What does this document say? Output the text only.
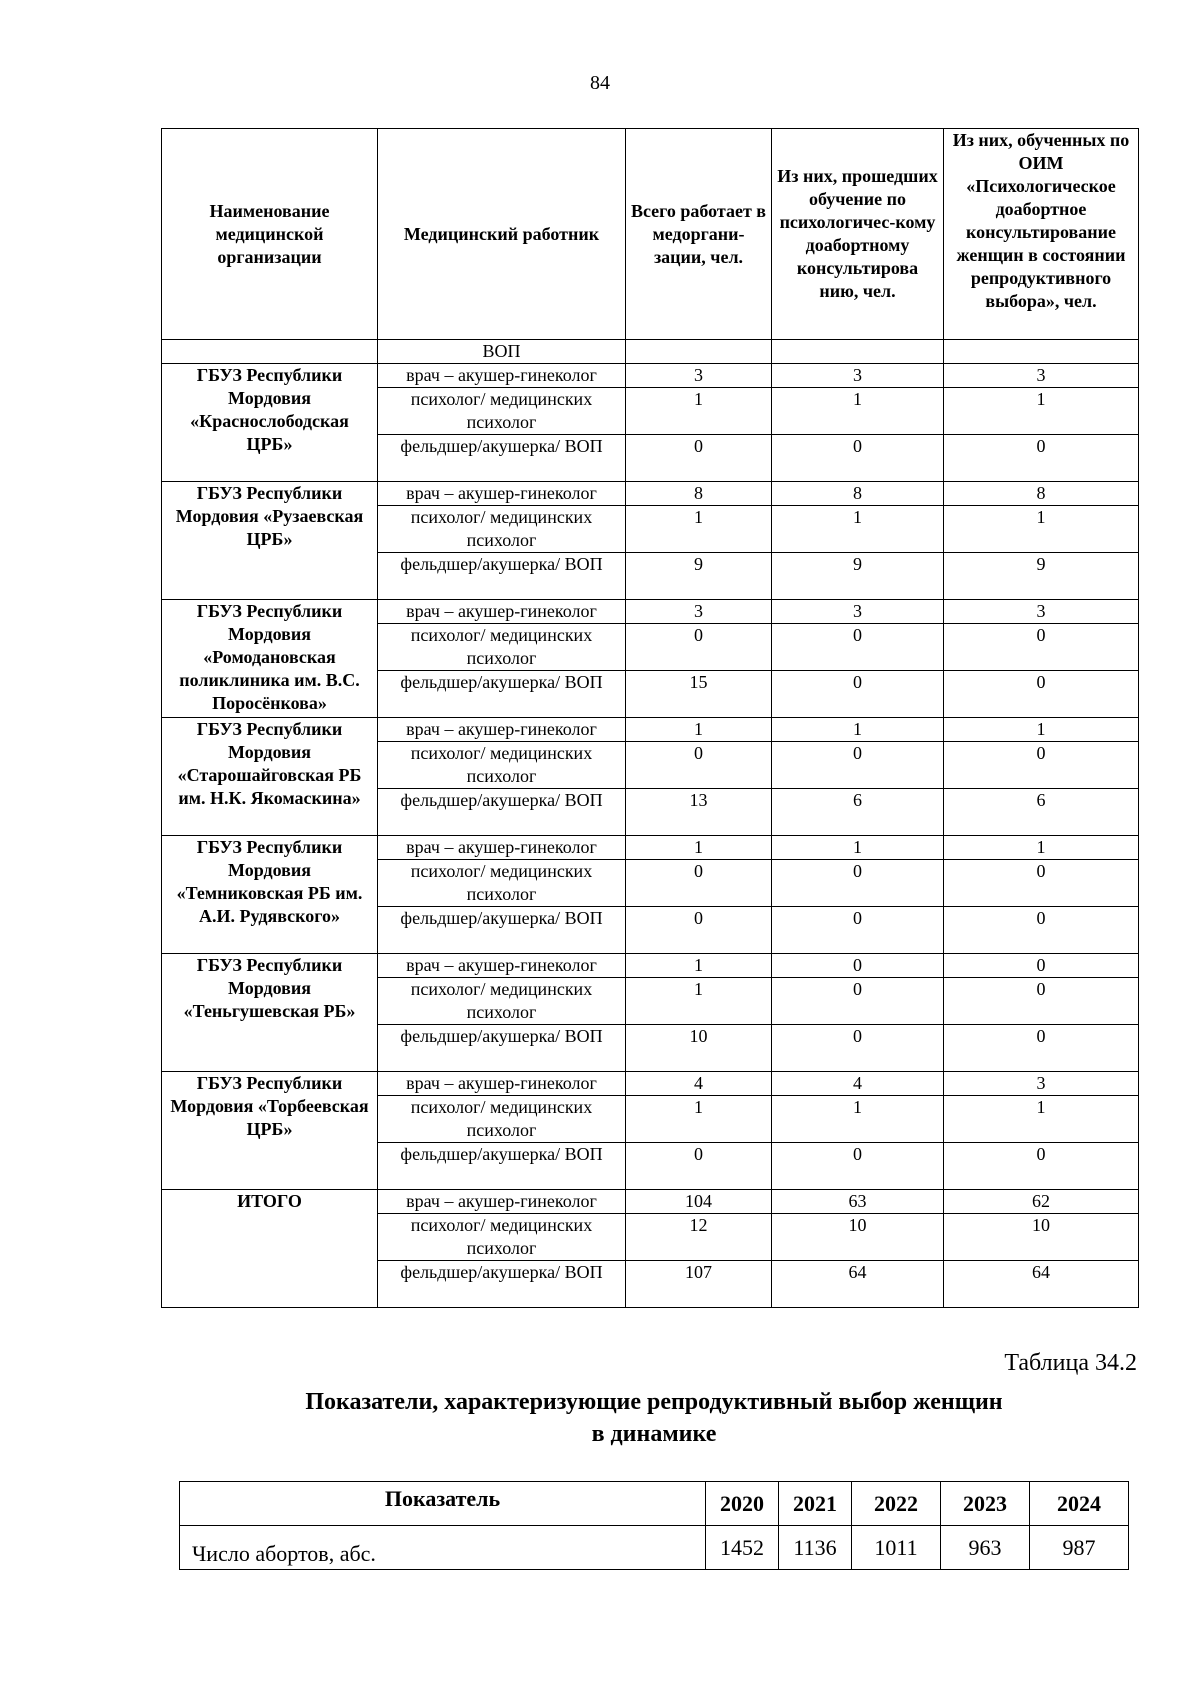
84
Наименование медицинской организации	Медицинский работник	Всего работает в медоргани-зации, чел.	Из них, прошедших обучение по психологичес-кому доабортному консультирова нию, чел.	Из них, обученных по ОИМ «Психологическое доабортное консультирование женщин в состоянии репродуктивного выбора», чел.
	ВОП			
ГБУЗ Республики Мордовия «Краснослободская ЦРБ»	врач – акушер-гинеколог	3	3	3
	психолог/ медицинских психолог	1	1	1
	фельдшер/акушерка/ ВОП	0	0	0
ГБУЗ Республики Мордовия «Рузаевская ЦРБ»	врач – акушер-гинеколог	8	8	8
	психолог/ медицинских психолог	1	1	1
	фельдшер/акушерка/ ВОП	9	9	9
ГБУЗ Республики Мордовия «Ромодановская поликлиника им. В.С. Поросёнкова»	врач – акушер-гинеколог	3	3	3
	психолог/ медицинских психолог	0	0	0
	фельдшер/акушерка/ ВОП	15	0	0
ГБУЗ Республики Мордовия «Старошайговская РБ им. Н.К. Якомаскина»	врач – акушер-гинеколог	1	1	1
	психолог/ медицинских психолог	0	0	0
	фельдшер/акушерка/ ВОП	13	6	6
ГБУЗ Республики Мордовия «Темниковская РБ им. А.И. Рудявского»	врач – акушер-гинеколог	1	1	1
	психолог/ медицинских психолог	0	0	0
	фельдшер/акушерка/ ВОП	0	0	0
ГБУЗ Республики Мордовия «Теньгушевская РБ»	врач – акушер-гинеколог	1	0	0
	психолог/ медицинских психолог	1	0	0
	фельдшер/акушерка/ ВОП	10	0	0
ГБУЗ Республики Мордовия «Торбеевская ЦРБ»	врач – акушер-гинеколог	4	4	3
	психолог/ медицинских психолог	1	1	1
	фельдшер/акушерка/ ВОП	0	0	0
ИТОГО	врач – акушер-гинеколог	104	63	62
	психолог/ медицинских психолог	12	10	10
	фельдшер/акушерка/ ВОП	107	64	64
Таблица 34.2
Показатели, характеризующие репродуктивный выбор женщин
в динамике
Показатель	2020	2021	2022	2023	2024
Число абортов, абс.	1452	1136	1011	963	987
